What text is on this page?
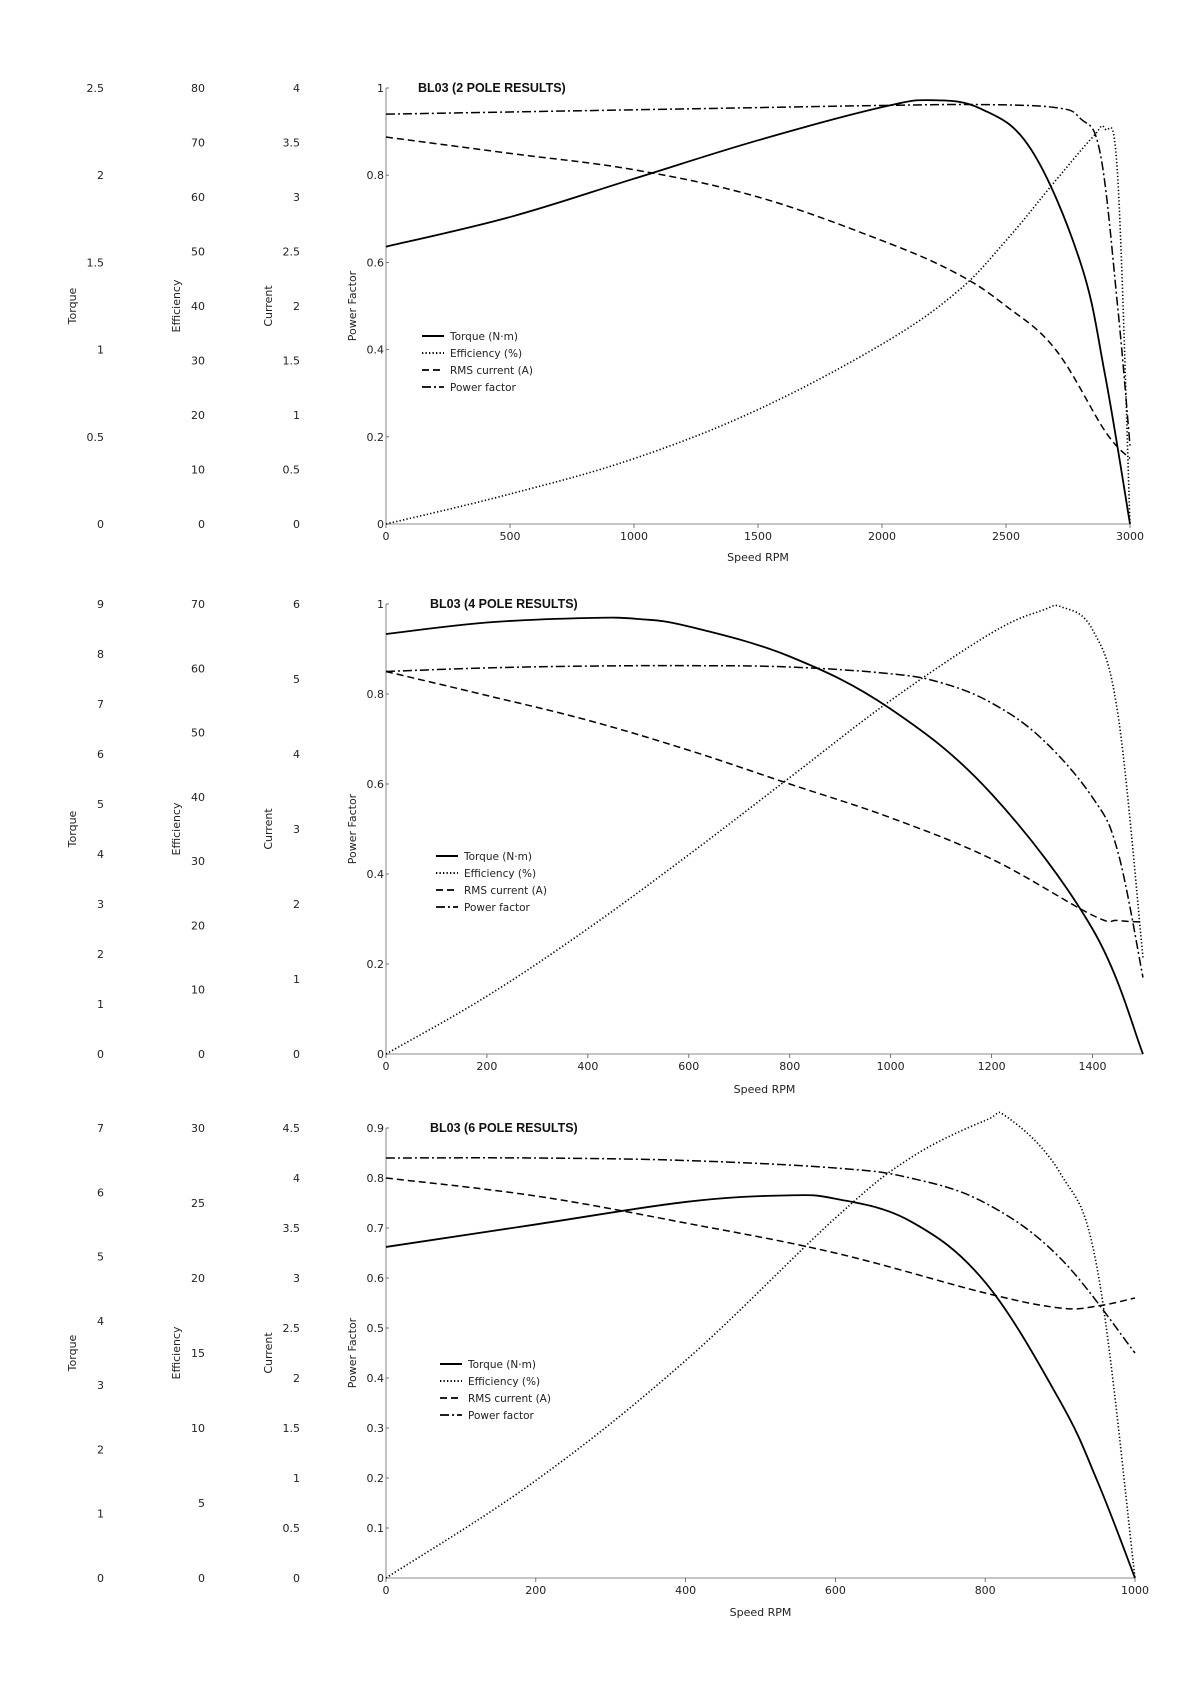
0
0.5
1
1.5
2
2.5
Torque
0
10
20
30
40
50
60
70
80
Efficiency
0
0.5
1
1.5
2
2.5
3
3.5
4
Current
0
0.2
0.4
0.6
0.8
1
Power Factor
0	500	1000	1500	2000	2500	3000
Speed RPM
BL03 (2 POLE RESULTS)
Torque (N·m)
Efficiency (%)
RMS current (A)
Power factor
0
1
2
3
4
5
6
7
8
9
Torque
0
10
20
30
40
50
60
70
Efficiency
0
1
2
3
4
5
6
Current
0
0.2
0.4
0.6
0.8
1
Power Factor
0	200	400	600	800	1000	1200	1400
Speed RPM
BL03 (4 POLE RESULTS)
Torque (N·m)
Efficiency (%)
RMS current (A)
Power factor
0
1
2
3
4
5
6
7
Torque
0
5
10
15
20
25
30
Efficiency
0
0.5
1
1.5
2
2.5
3
3.5
4
4.5
Current
0
0.1
0.2
0.3
0.4
0.5
0.6
0.7
0.8
0.9
Power Factor
0	200	400	600	800	1000
Speed RPM
BL03 (6 POLE RESULTS)
Torque (N·m)
Efficiency (%)
RMS current (A)
Power factor
